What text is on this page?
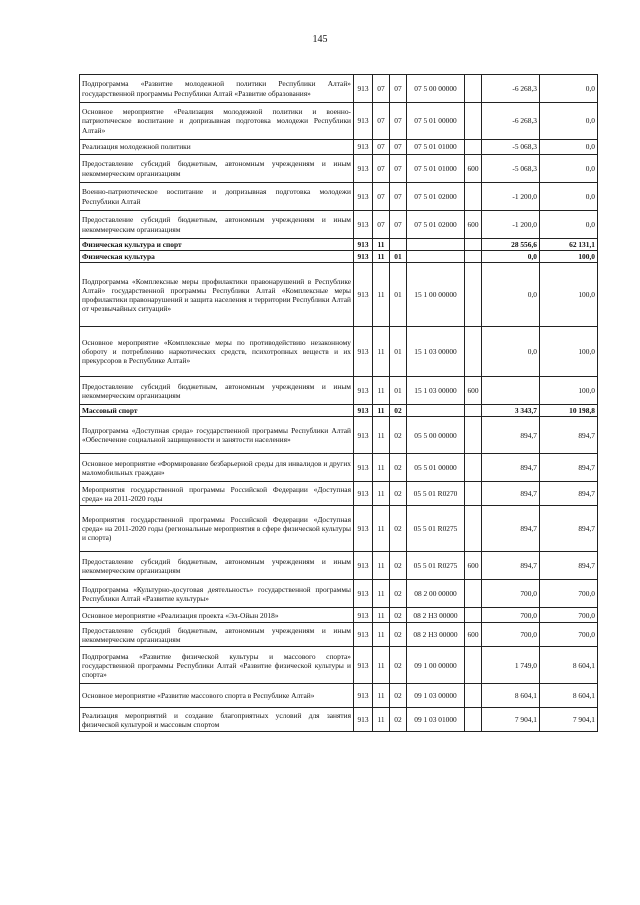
145
Подпрограмма «Развитие молодежной политики Республики Алтай» государственной программы Республики Алтай «Развитие образования»	913	07	07	07 5 00 00000		-6 268,3	0,0
Основное мероприятие «Реализация молодежной политики и военно-патриотическое воспитание и допризывная подготовка молодежи Республики Алтай»	913	07	07	07 5 01 00000		-6 268,3	0,0
Реализация молодежной политики	913	07	07	07 5 01 01000		-5 068,3	0,0
Предоставление субсидий бюджетным, автономным учреждениям и иным некоммерческим организациям	913	07	07	07 5 01 01000	600	-5 068,3	0,0
Военно-патриотическое воспитание и допризывная подготовка молодежи Республики Алтай	913	07	07	07 5 01 02000		-1 200,0	0,0
Предоставление субсидий бюджетным, автономным учреждениям и иным некоммерческим организациям	913	07	07	07 5 01 02000	600	-1 200,0	0,0
Физическая культура и спорт	913	11				28 556,6	62 131,1
Физическая культура	913	11	01			0,0	100,0
Подпрограмма «Комплексные меры профилактики правонарушений в Республике Алтай» государственной программы Республики Алтай «Комплексные меры профилактики правонарушений и защита населения и территории Республики Алтай от чрезвычайных ситуаций»	913	11	01	15 1 00 00000		0,0	100,0
Основное мероприятие «Комплексные меры по противодействию незаконному обороту и потреблению наркотических средств, психотропных веществ и их прекурсоров в Республике Алтай»	913	11	01	15 1 03 00000		0,0	100,0
Предоставление субсидий бюджетным, автономным учреждениям и иным некоммерческим организациям	913	11	01	15 1 03 00000	600		100,0
Массовый спорт	913	11	02			3 343,7	10 198,8
Подпрограмма «Доступная среда» государственной программы Республики Алтай «Обеспечение социальной защищенности и занятости населения»	913	11	02	05 5 00 00000		894,7	894,7
Основное мероприятие «Формирование безбарьерной среды для инвалидов и других маломобильных граждан»	913	11	02	05 5 01 00000		894,7	894,7
Мероприятия государственной программы Российской Федерации «Доступная среда» на 2011-2020 годы	913	11	02	05 5 01 R0270		894,7	894,7
Мероприятия государственной программы Российской Федерации «Доступная среда» на 2011-2020 годы (региональные мероприятия в сфере физической культуры и спорта)	913	11	02	05 5 01 R0275		894,7	894,7
Предоставление субсидий бюджетным, автономным учреждениям и иным некоммерческим организациям	913	11	02	05 5 01 R0275	600	894,7	894,7
Подпрограмма «Культурно-досуговая деятельность» государственной программы Республики Алтай «Развитие культуры»	913	11	02	08 2 00 00000		700,0	700,0
Основное мероприятие «Реализация проекта «Эл-Ойын 2018»	913	11	02	08 2 Н3 00000		700,0	700,0
Предоставление субсидий бюджетным, автономным учреждениям и иным некоммерческим организациям	913	11	02	08 2 Н3 00000	600	700,0	700,0
Подпрограмма «Развитие физической культуры и массового спорта» государственной программы Республики Алтай «Развитие физической культуры и спорта»	913	11	02	09 1 00 00000		1 749,0	8 604,1
Основное мероприятие «Развитие массового спорта в Республике Алтай»	913	11	02	09 1 03 00000		8 604,1	8 604,1
Реализация мероприятий и создание благоприятных условий для занятия физической культурой и массовым спортом	913	11	02	09 1 03 01000		7 904,1	7 904,1
